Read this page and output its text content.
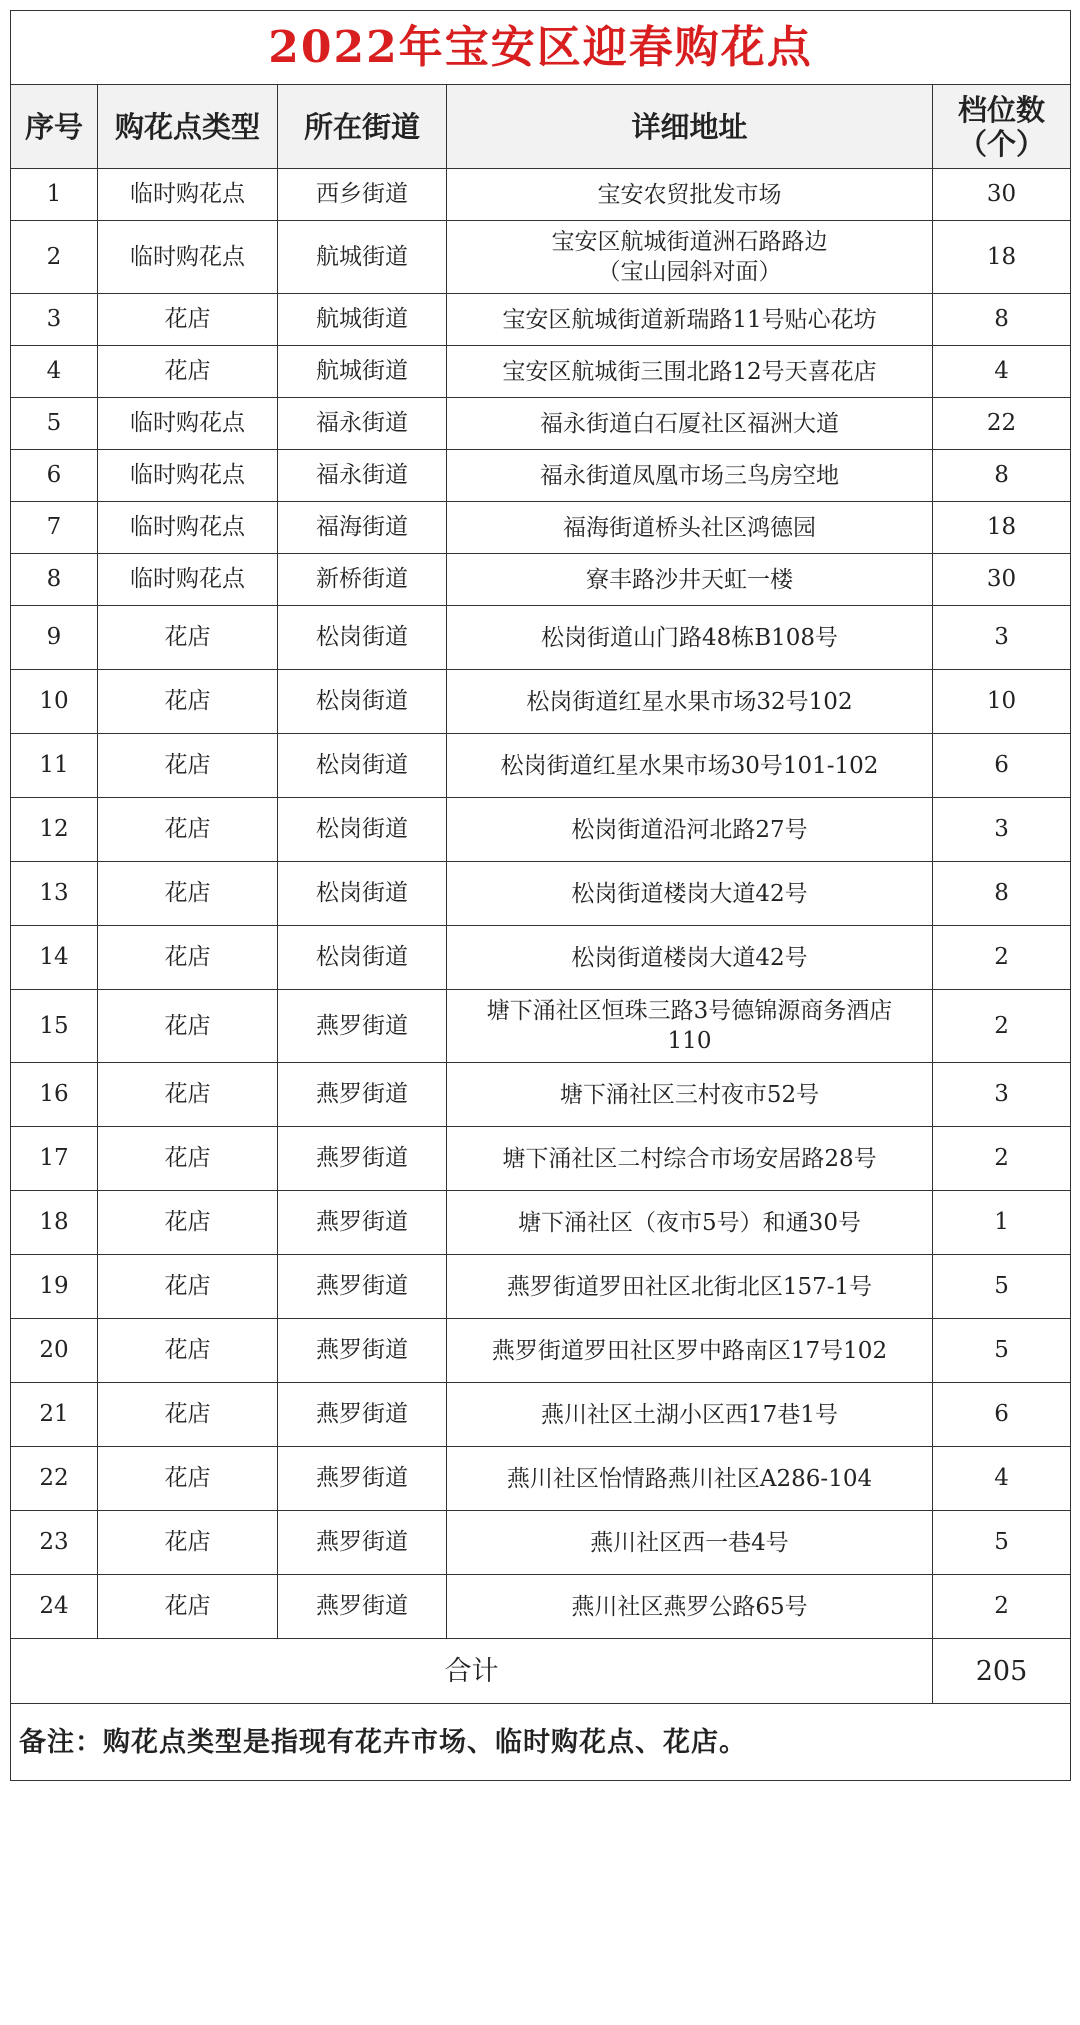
2022年宝安区迎春购花点				
序号	购花点类型	所在街道	详细地址	档位数
（个）

1	临时购花点	西乡街道	宝安农贸批发市场	30
2	临时购花点	航城街道	宝安区航城街道洲石路路边
（宝山园斜对面）	18
3	花店	航城街道	宝安区航城街道新瑞路11号贴心花坊	8
4	花店	航城街道	宝安区航城街三围北路12号天喜花店	4
5	临时购花点	福永街道	福永街道白石厦社区福洲大道	22
6	临时购花点	福永街道	福永街道凤凰市场三鸟房空地	8
7	临时购花点	福海街道	福海街道桥头社区鸿德园	18
8	临时购花点	新桥街道	寮丰路沙井天虹一楼	30
9	花店	松岗街道	松岗街道山门路48栋B108号	3
10	花店	松岗街道	松岗街道红星水果市场32号102	10
11	花店	松岗街道	松岗街道红星水果市场30号101-102	6
12	花店	松岗街道	松岗街道沿河北路27号	3
13	花店	松岗街道	松岗街道楼岗大道42号	8
14	花店	松岗街道	松岗街道楼岗大道42号	2
15	花店	燕罗街道	塘下涌社区恒珠三路3号德锦源商务酒店
110	2
16	花店	燕罗街道	塘下涌社区三村夜市52号	3
17	花店	燕罗街道	塘下涌社区二村综合市场安居路28号	2
18	花店	燕罗街道	塘下涌社区（夜市5号）和通30号	1
19	花店	燕罗街道	燕罗街道罗田社区北街北区157-1号	5
20	花店	燕罗街道	燕罗街道罗田社区罗中路南区17号102	5
21	花店	燕罗街道	燕川社区土湖小区西17巷1号	6
22	花店	燕罗街道	燕川社区怡情路燕川社区A286-104	4
23	花店	燕罗街道	燕川社区西一巷4号	5
24	花店	燕罗街道	燕川社区燕罗公路65号	2
合计				205
备注：购花点类型是指现有花卉市场、临时购花点、花店。				
